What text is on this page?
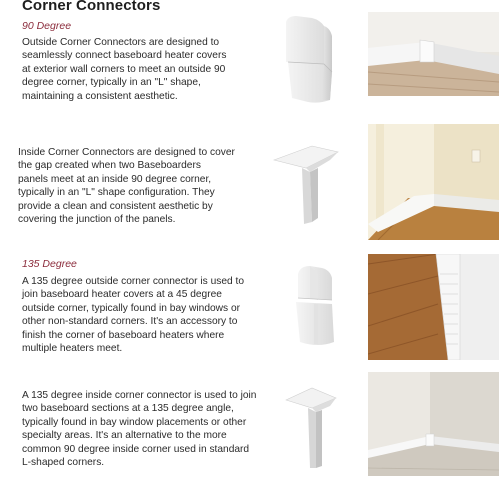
Corner Connectors
90 Degree
Outside Corner Connectors are designed to
seamlessly connect baseboard heater covers
at exterior wall corners to meet an outside 90
degree corner, typically in an "L" shape,
maintaining a consistent aesthetic.
Inside Corner Connectors are designed to cover
the gap created when two Baseboarders
panels meet at an inside 90 degree corner,
typically in an "L" shape configuration. They
provide a clean and consistent aesthetic by
covering the junction of the panels.
135 Degree
A 135 degree outside corner connector is used to
join baseboard heater covers at a 45 degree
outside corner, typically found in bay windows or
other non-standard corners. It's an accessory to
finish the corner of baseboard heaters where
multiple heaters meet.
A 135 degree inside corner connector is used to join
two baseboard sections at a 135 degree angle,
typically found in bay window placements or other
specialty areas. It's an alternative to the more
common 90 degree inside corner used in standard
L-shaped corners.
